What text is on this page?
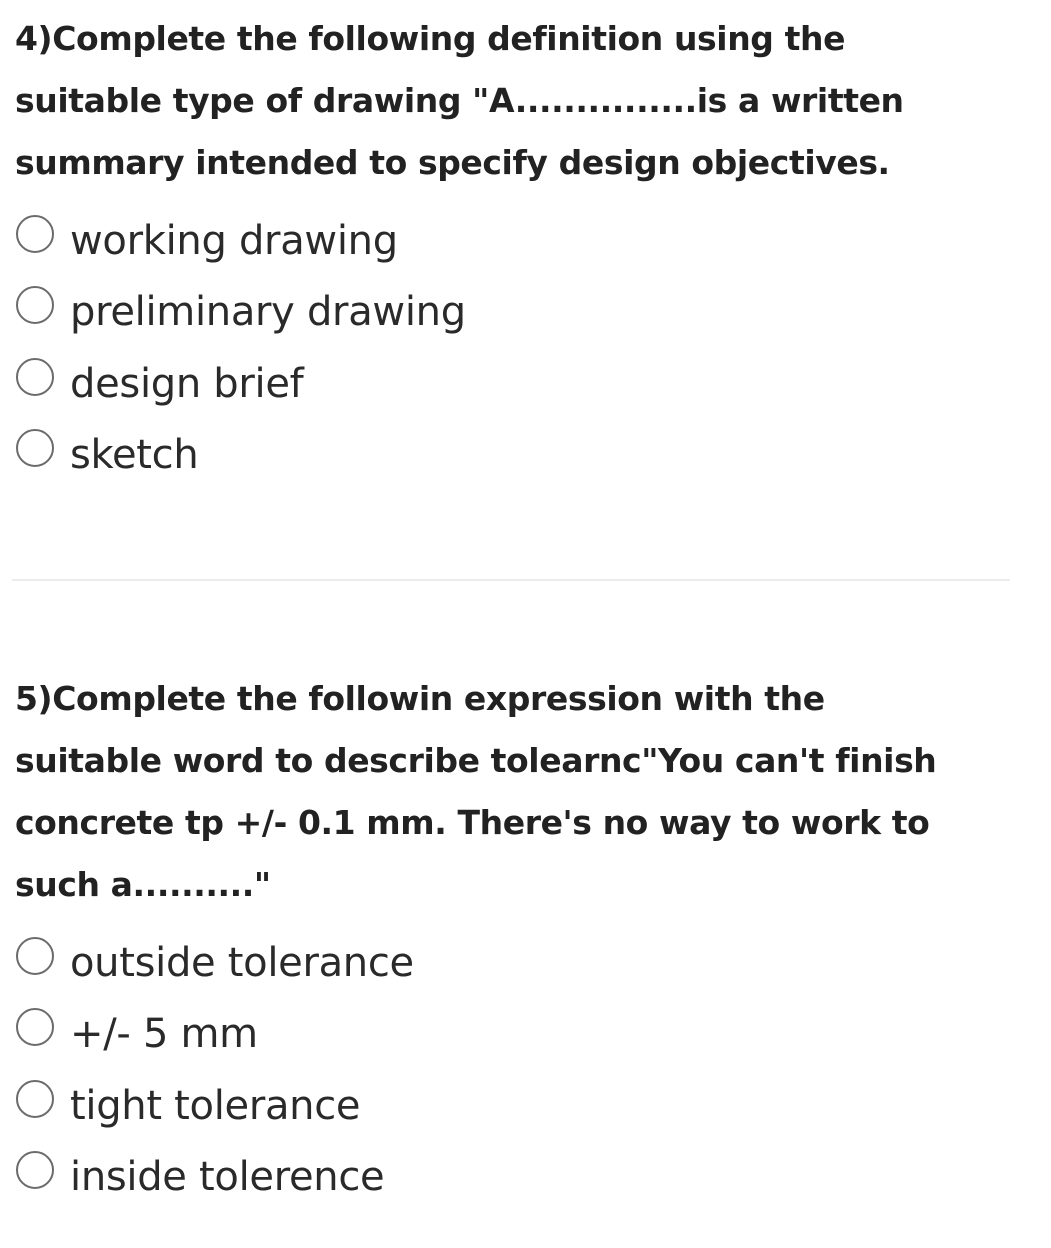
4)Complete the following definition using the
suitable type of drawing "A...............is a written
summary intended to specify design objectives.
working drawing
preliminary drawing
design brief
sketch
5)Complete the followin expression with the
suitable word to describe tolearnc"You can't finish
concrete tp +/- 0.1 mm. There's no way to work to
such a.........."
outside tolerance
+/- 5 mm
tight tolerance
inside tolerence
